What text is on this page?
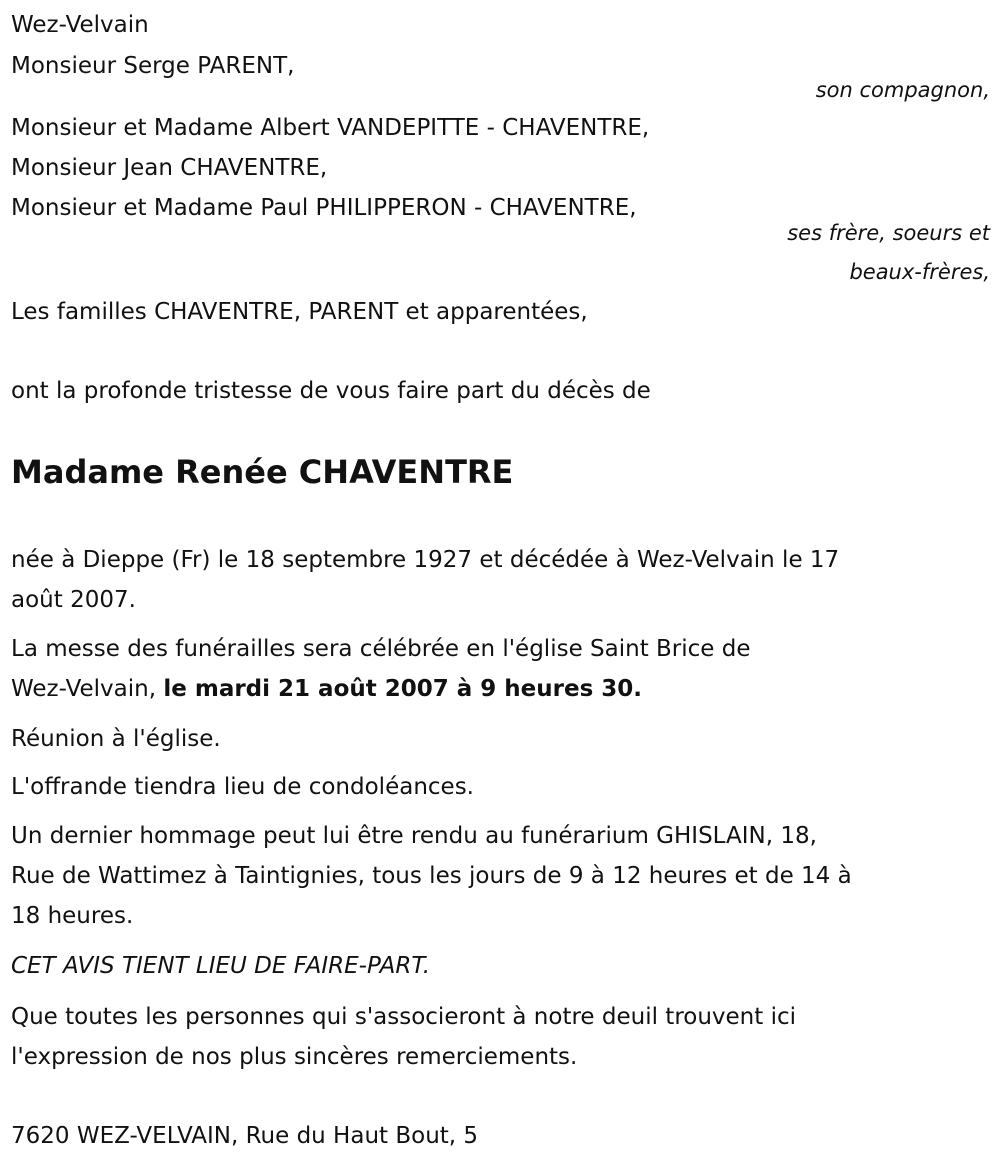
Wez-Velvain
Monsieur Serge PARENT,
son compagnon,
Monsieur et Madame Albert VANDEPITTE - CHAVENTRE,
Monsieur Jean CHAVENTRE,
Monsieur et Madame Paul PHILIPPERON - CHAVENTRE,
ses frère, soeurs et
beaux-frères,
Les familles CHAVENTRE, PARENT et apparentées,
ont la profonde tristesse de vous faire part du décès de
Madame Renée CHAVENTRE
née à Dieppe (Fr) le 18 septembre 1927 et décédée à Wez-Velvain le 17
août 2007.
La messe des funérailles sera célébrée en l'église Saint Brice de
Wez-Velvain, le mardi 21 août 2007 à 9 heures 30.
Réunion à l'église.
L'offrande tiendra lieu de condoléances.
Un dernier hommage peut lui être rendu au funérarium GHISLAIN, 18,
Rue de Wattimez à Taintignies, tous les jours de 9 à 12 heures et de 14 à
18 heures.
CET AVIS TIENT LIEU DE FAIRE-PART.
Que toutes les personnes qui s'associeront à notre deuil trouvent ici
l'expression de nos plus sincères remerciements.
7620 WEZ-VELVAIN, Rue du Haut Bout, 5
